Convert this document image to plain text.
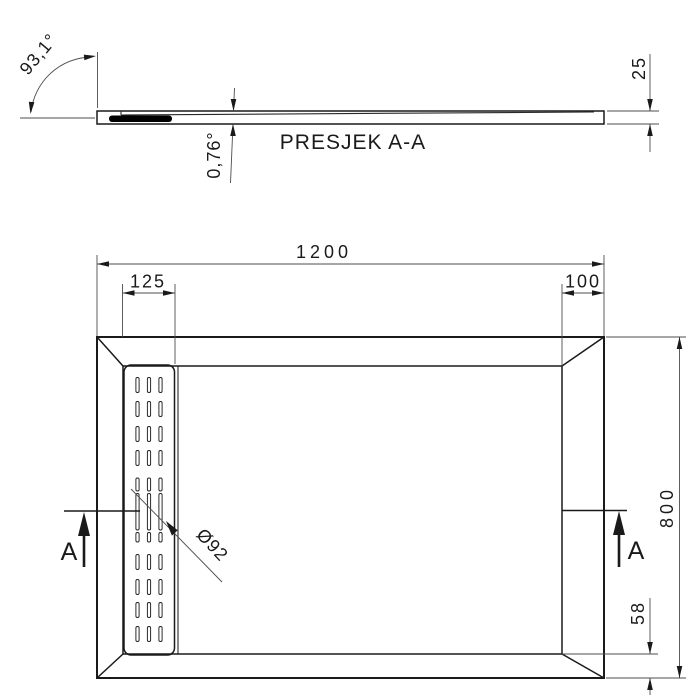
93,1°
0,76°
25
PRESJEK A-A
A	A
Ø92
1200
125	100
800
58
